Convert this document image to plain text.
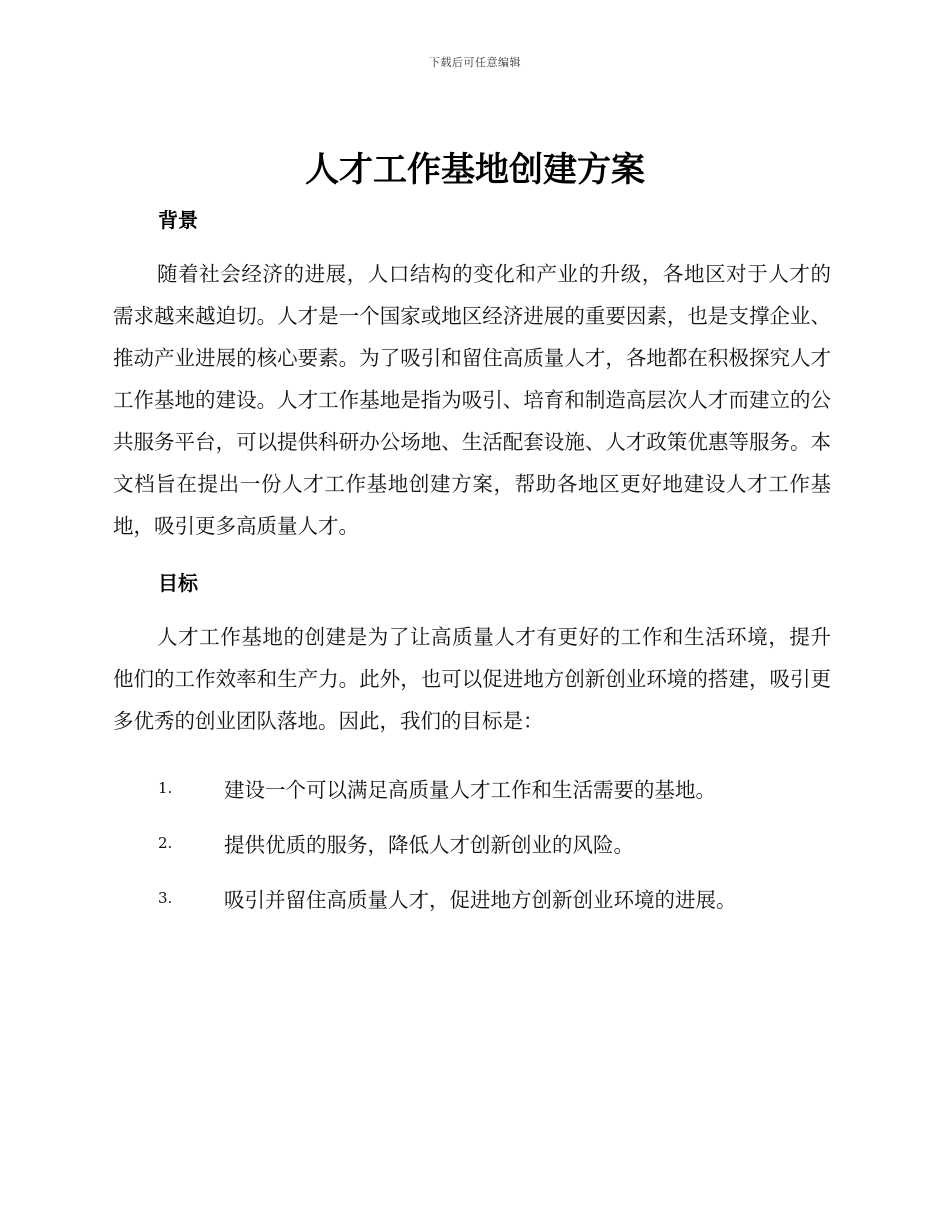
下载后可任意编辑
人才工作基地创建方案
背景

随着社会经济的进展，人口结构的变化和产业的升级，各地区对于人才的需求越来越迫切。人才是一个国家或地区经济进展的重要因素，也是支撑企业、推动产业进展的核心要素。为了吸引和留住高质量人才，各地都在积极探究人才工作基地的建设。人才工作基地是指为吸引、培育和制造高层次人才而建立的公共服务平台，可以提供科研办公场地、生活配套设施、人才政策优惠等服务。本文档旨在提出一份人才工作基地创建方案，帮助各地区更好地建设人才工作基地，吸引更多高质量人才。

目标

人才工作基地的创建是为了让高质量人才有更好的工作和生活环境，提升他们的工作效率和生产力。此外，也可以促进地方创新创业环境的搭建，吸引更多优秀的创业团队落地。因此，我们的目标是：

1.	建设一个可以满足高质量人才工作和生活需要的基地。
2.	提供优质的服务，降低人才创新创业的风险。
3.	吸引并留住高质量人才，促进地方创新创业环境的进展。
